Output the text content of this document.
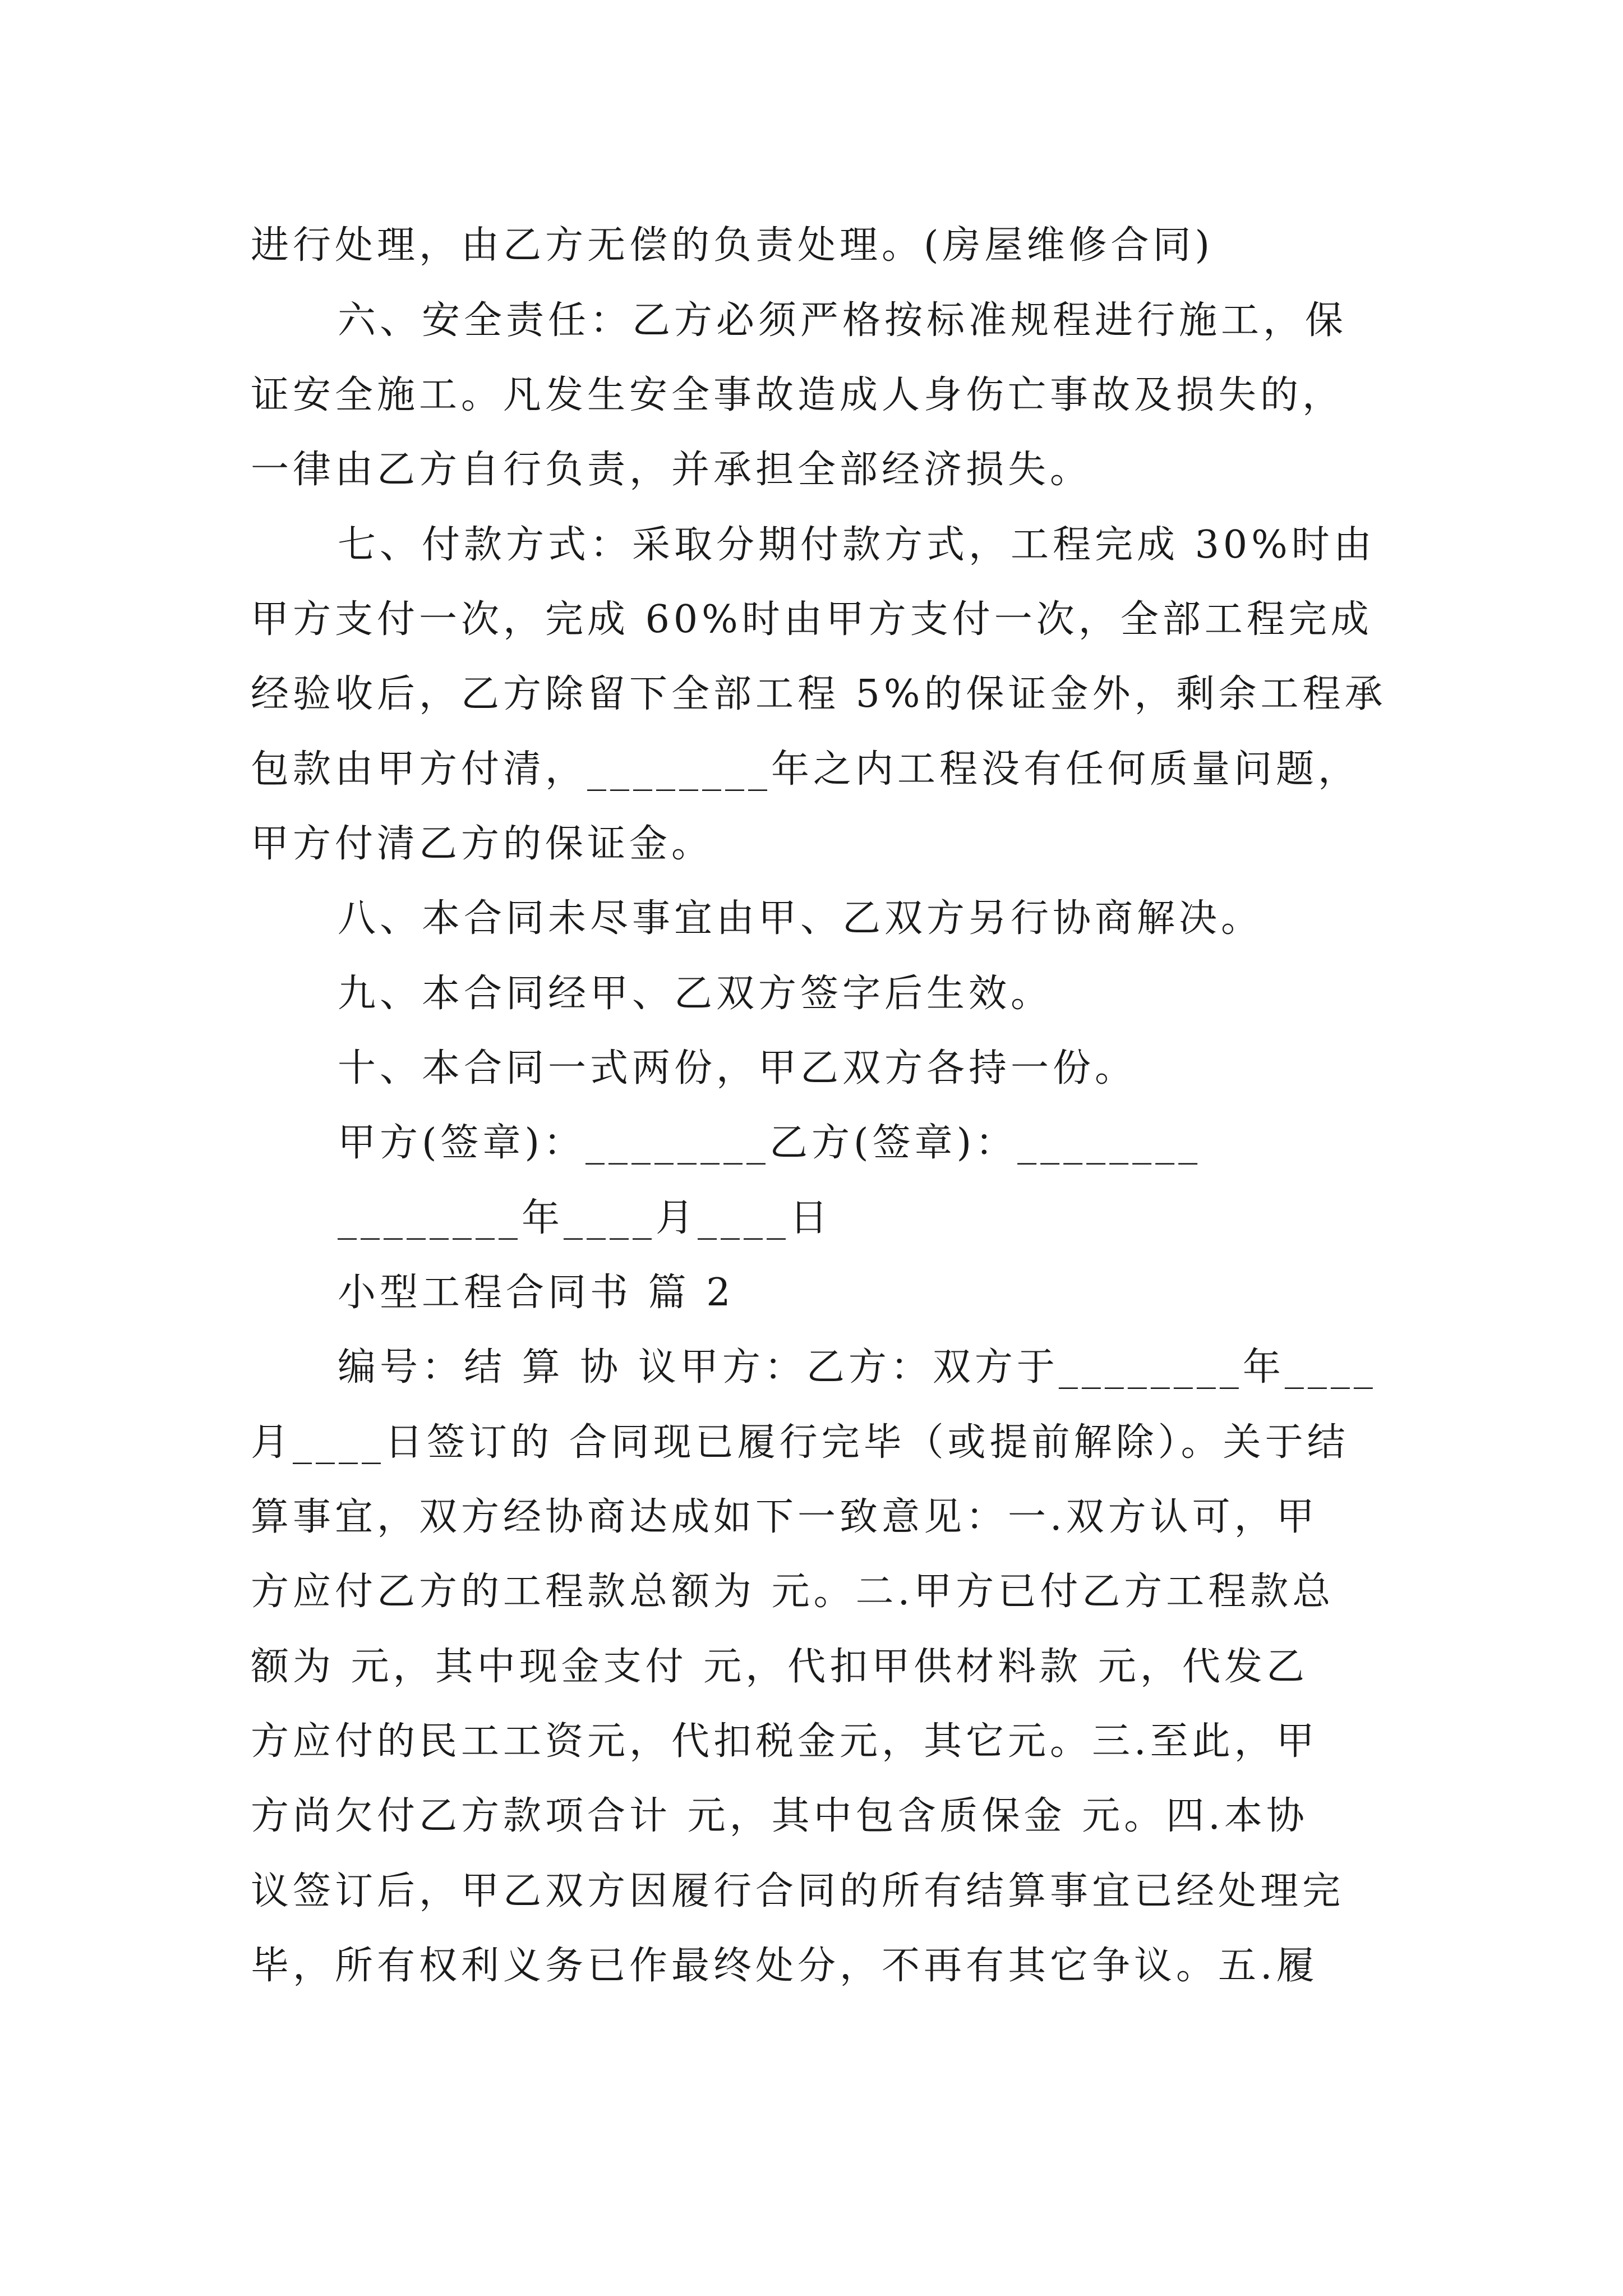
进行处理，由乙方无偿的负责处理。(房屋维修合同)
六、安全责任：乙方必须严格按标准规程进行施工，保
证安全施工。凡发生安全事故造成人身伤亡事故及损失的，
一律由乙方自行负责，并承担全部经济损失。
七、付款方式：采取分期付款方式，工程完成 30%时由
甲方支付一次，完成 60%时由甲方支付一次，全部工程完成
经验收后，乙方除留下全部工程 5%的保证金外，剩余工程承
包款由甲方付清，________年之内工程没有任何质量问题，
甲方付清乙方的保证金。
八、本合同未尽事宜由甲、乙双方另行协商解决。
九、本合同经甲、乙双方签字后生效。
十、本合同一式两份，甲乙双方各持一份。
甲方(签章)：________乙方(签章)：________
________年____月____日
小型工程合同书 篇 2
编号：结 算 协 议甲方：乙方：双方于________年____
月____日签订的 合同现已履行完毕（或提前解除）。关于结
算事宜，双方经协商达成如下一致意见：一.双方认可，甲
方应付乙方的工程款总额为 元。二.甲方已付乙方工程款总
额为 元，其中现金支付 元，代扣甲供材料款 元，代发乙
方应付的民工工资元，代扣税金元，其它元。三.至此，甲
方尚欠付乙方款项合计 元，其中包含质保金 元。四.本协
议签订后，甲乙双方因履行合同的所有结算事宜已经处理完
毕，所有权利义务已作最终处分，不再有其它争议。五.履
